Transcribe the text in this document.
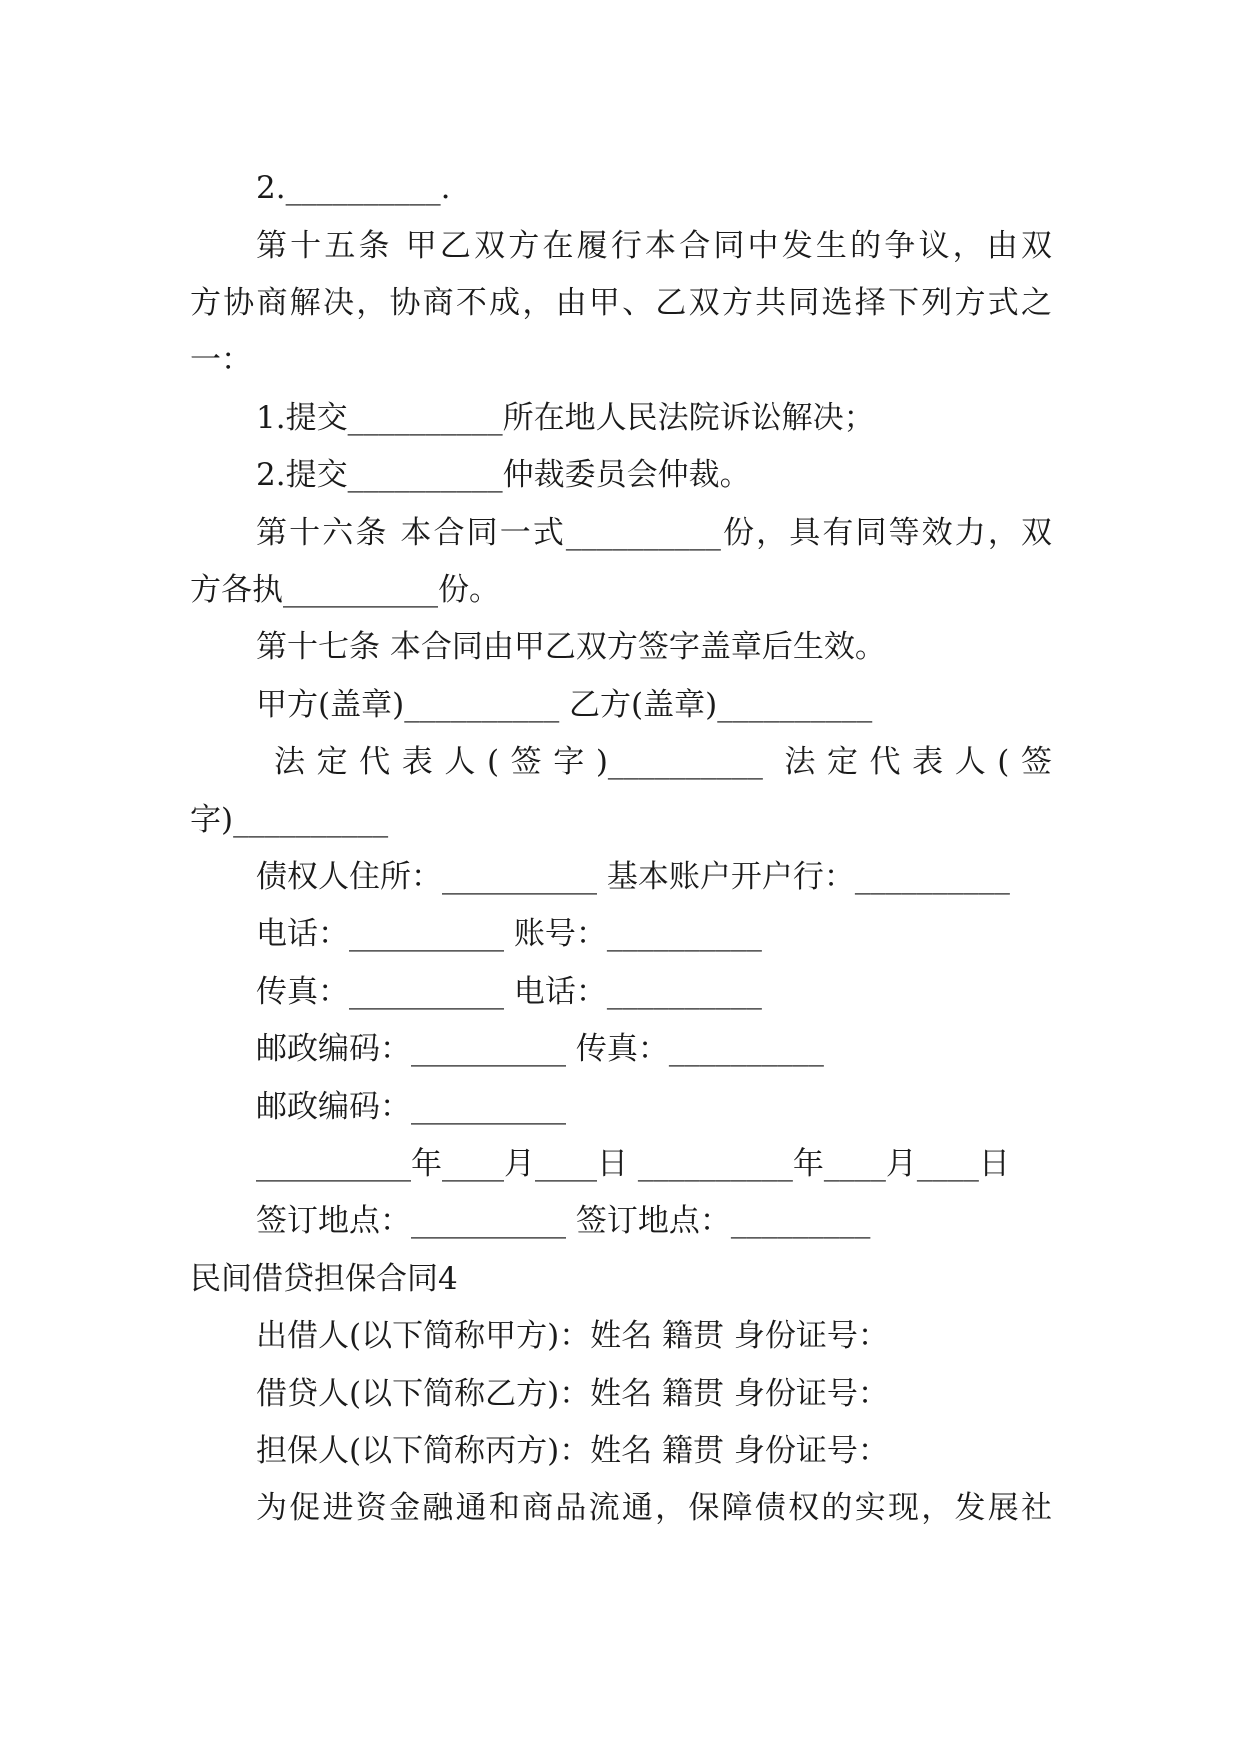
2.__________.

第十五条 甲乙双方在履行本合同中发生的争议，由双

方协商解决，协商不成，由甲、乙双方共同选择下列方式之

一：

1.提交__________所在地人民法院诉讼解决；

2.提交__________仲裁委员会仲裁。

第十六条 本合同一式__________份，具有同等效力，双

方各执__________份。

第十七条 本合同由甲乙双方签字盖章后生效。

甲方(盖章)__________ 乙方(盖章)__________

法定代表人(签字)__________ 法定代表人(签

字)__________

债权人住所：__________ 基本账户开户行：__________

电话：__________ 账号：__________

传真：__________ 电话：__________

邮政编码：__________ 传真：__________

邮政编码：__________

__________年____月____日 __________年____月____日

签订地点：__________ 签订地点：_________

民间借贷担保合同4

出借人(以下简称甲方)：姓名 籍贯 身份证号：

借贷人(以下简称乙方)：姓名 籍贯 身份证号：

担保人(以下简称丙方)：姓名 籍贯 身份证号：

为促进资金融通和商品流通，保障债权的实现，发展社
